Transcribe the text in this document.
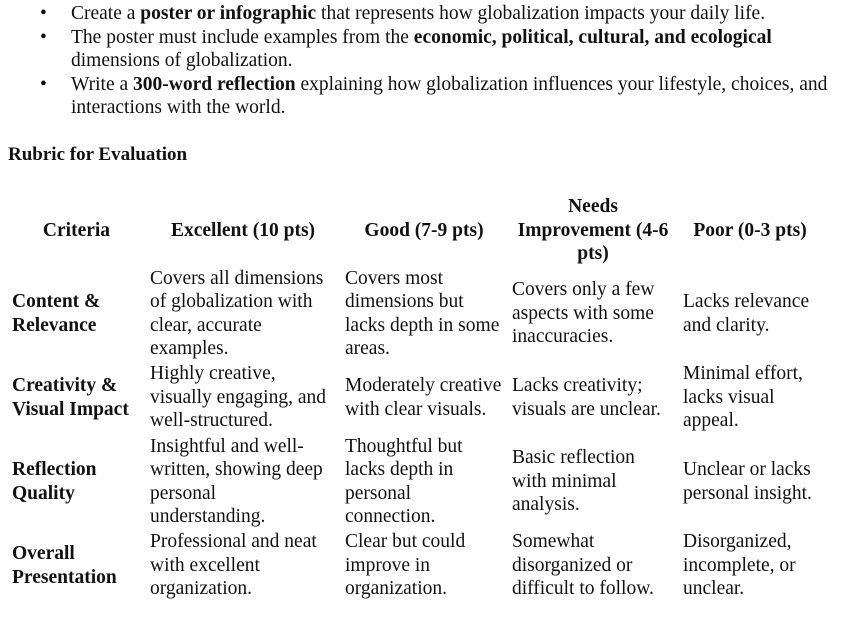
• Create a poster or infographic that represents how globalization impacts your daily life.
• The poster must include examples from the economic, political, cultural, and ecological dimensions of globalization.
• Write a 300-word reflection explaining how globalization influences your lifestyle, choices, and interactions with the world.
Rubric for Evaluation
Criteria	Excellent (10 pts)	Good (7-9 pts)	Needs Improvement (4-6 pts)	Poor (0-3 pts)
Content & Relevance	Covers all dimensions of globalization with clear, accurate examples.	Covers most dimensions but lacks depth in some areas.	Covers only a few aspects with some inaccuracies.	Lacks relevance and clarity.
Creativity & Visual Impact	Highly creative, visually engaging, and well-structured.	Moderately creative with clear visuals.	Lacks creativity; visuals are unclear.	Minimal effort, lacks visual appeal.
Reflection Quality	Insightful and well-written, showing deep personal understanding.	Thoughtful but lacks depth in personal connection.	Basic reflection with minimal analysis.	Unclear or lacks personal insight.
Overall Presentation	Professional and neat with excellent organization.	Clear but could improve in organization.	Somewhat disorganized or difficult to follow.	Disorganized, incomplete, or unclear.
